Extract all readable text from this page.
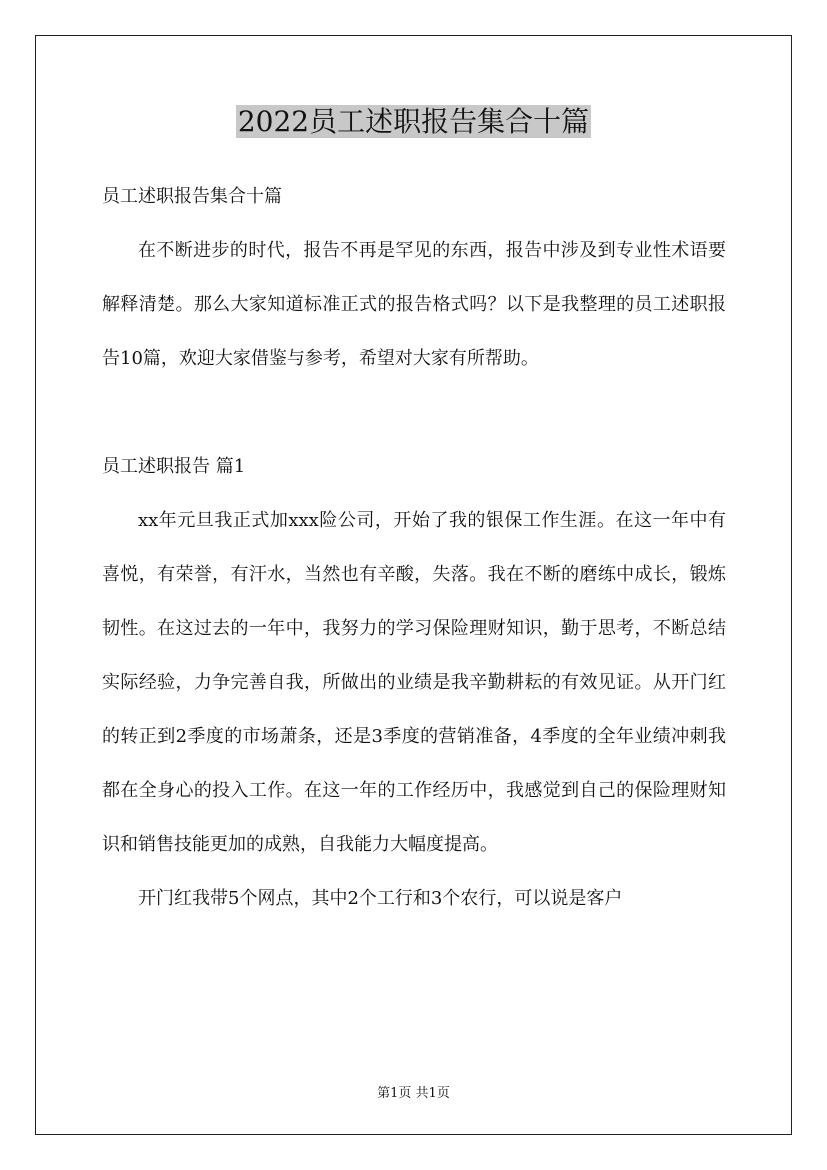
2022员工述职报告集合十篇

员工述职报告集合十篇

在不断进步的时代，报告不再是罕见的东西，报告中涉及到专业性术语要解释清楚。那么大家知道标准正式的报告格式吗？以下是我整理的员工述职报告10篇，欢迎大家借鉴与参考，希望对大家有所帮助。

员工述职报告 篇1

xx年元旦我正式加xxx险公司，开始了我的银保工作生涯。在这一年中有喜悦，有荣誉，有汗水，当然也有辛酸，失落。我在不断的磨练中成长，锻炼韧性。在这过去的一年中，我努力的学习保险理财知识，勤于思考，不断总结实际经验，力争完善自我，所做出的业绩是我辛勤耕耘的有效见证。从开门红的转正到2季度的市场萧条，还是3季度的营销准备，4季度的全年业绩冲刺我都在全身心的投入工作。在这一年的工作经历中，我感觉到自己的保险理财知识和销售技能更加的成熟，自我能力大幅度提高。

开门红我带5个网点，其中2个工行和3个农行，可以说是客户

第1页 共1页
